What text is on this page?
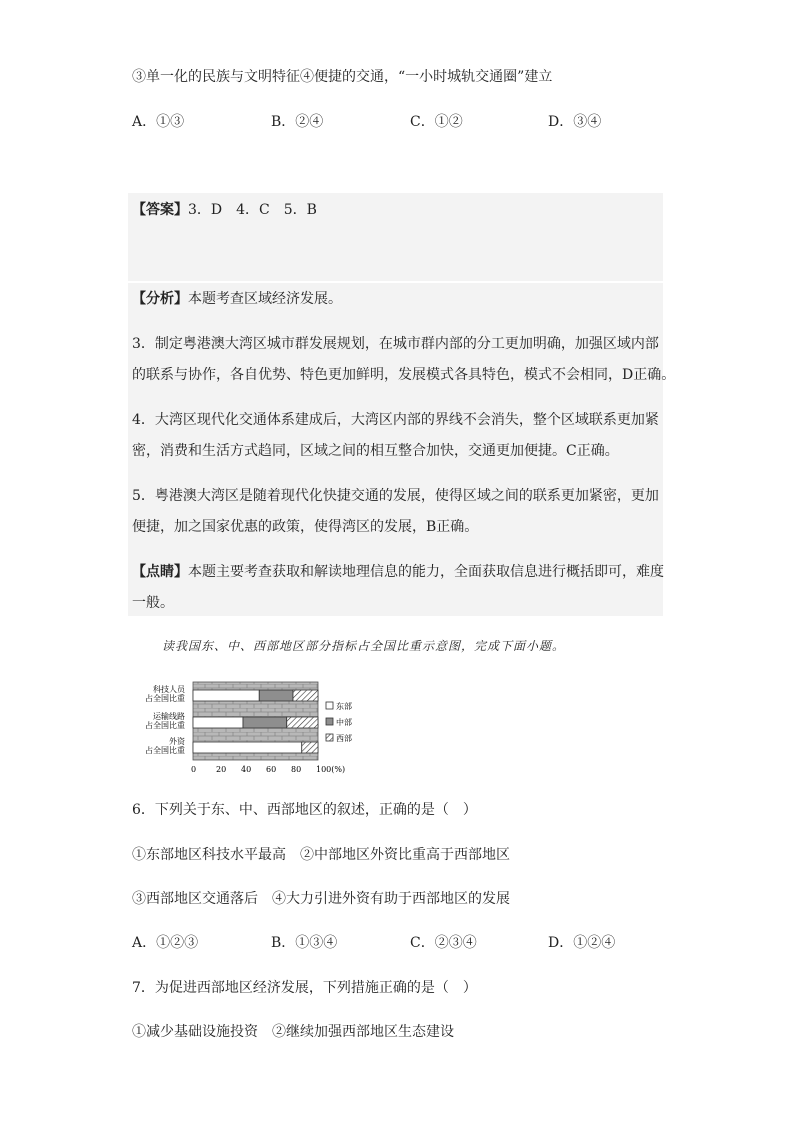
③单一化的民族与文明特征④便捷的交通，“一小时城轨交通圈”建立
A．①③	B．②④	C．①②	D．③④
【答案】3．D　4．C　5．B
【分析】本题考查区域经济发展。
3．制定粤港澳大湾区城市群发展规划，在城市群内部的分工更加明确，加强区域内部
的联系与协作，各自优势、特色更加鲜明，发展模式各具特色，模式不会相同，D正确。
4．大湾区现代化交通体系建成后，大湾区内部的界线不会消失，整个区域联系更加紧
密，消费和生活方式趋同，区域之间的相互整合加快，交通更加便捷。C正确。
5．粤港澳大湾区是随着现代化快捷交通的发展，使得区域之间的联系更加紧密，更加
便捷，加之国家优惠的政策，使得湾区的发展，B正确。
【点睛】本题主要考查获取和解读地理信息的能力，全面获取信息进行概括即可，难度
一般。
读我国东、中、西部地区部分指标占全国比重示意图，完成下面小题。
科技人员
占全国比重
运输线路
占全国比重
外资
占全国比重
0 20 40 60 80 100(%)
东部
中部
西部
6．下列关于东、中、西部地区的叙述，正确的是（　）
①东部地区科技水平最高　②中部地区外资比重高于西部地区
③西部地区交通落后　④大力引进外资有助于西部地区的发展
A．①②③	B．①③④	C．②③④	D．①②④
7．为促进西部地区经济发展，下列措施正确的是（　）
①减少基础设施投资　②继续加强西部地区生态建设
